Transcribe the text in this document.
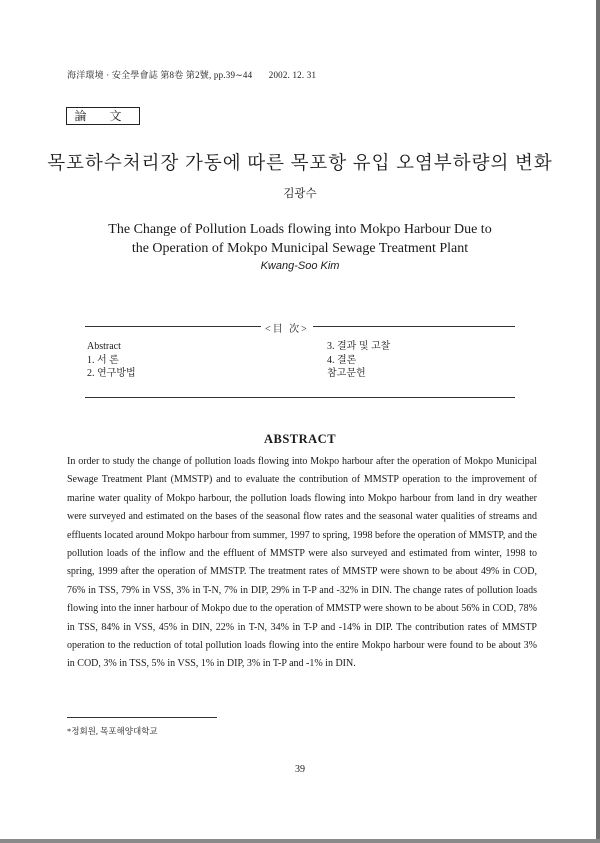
海洋環境 · 安全學會誌 第8卷 第2號, pp.39∼44 2002. 12. 31
論 文
목포하수처리장 가동에 따른 목포항 유입 오염부하량의 변화
김광수
The Change of Pollution Loads flowing into Mokpo Harbour Due to
the Operation of Mokpo Municipal Sewage Treatment Plant
Kwang-Soo Kim
<目 次>
Abstract
1. 서 론
2. 연구방법
3. 결과 및 고찰
4. 결론
참고문헌
ABSTRACT
In order to study the change of pollution loads flowing into Mokpo harbour after the operation of Mokpo Municipal Sewage Treatment Plant (MMSTP) and to evaluate the contribution of MMSTP operation to the improvement of marine water quality of Mokpo harbour, the pollution loads flowing into Mokpo harbour from land in dry weather were surveyed and estimated on the bases of the seasonal flow rates and the seasonal water qualities of streams and effluents located around Mokpo harbour from summer, 1997 to spring, 1998 before the operation of MMSTP, and the pollution loads of the inflow and the effluent of MMSTP were also surveyed and estimated from winter, 1998 to spring, 1999 after the operation of MMSTP. The treatment rates of MMSTP were shown to be about 49% in COD, 76% in TSS, 79% in VSS, 3% in T-N, 7% in DIP, 29% in T-P and -32% in DIN. The change rates of pollution loads flowing into the inner harbour of Mokpo due to the operation of MMSTP were shown to be about 56% in COD, 78% in TSS, 84% in VSS, 45% in DIN, 22% in T-N, 34% in T-P and -14% in DIP. The contribution rates of MMSTP operation to the reduction of total pollution loads flowing into the entire Mokpo harbour were found to be about 3% in COD, 3% in TSS, 5% in VSS, 1% in DIP, 3% in T-P and -1% in DIN.
*정회원, 목포해양대학교
39
